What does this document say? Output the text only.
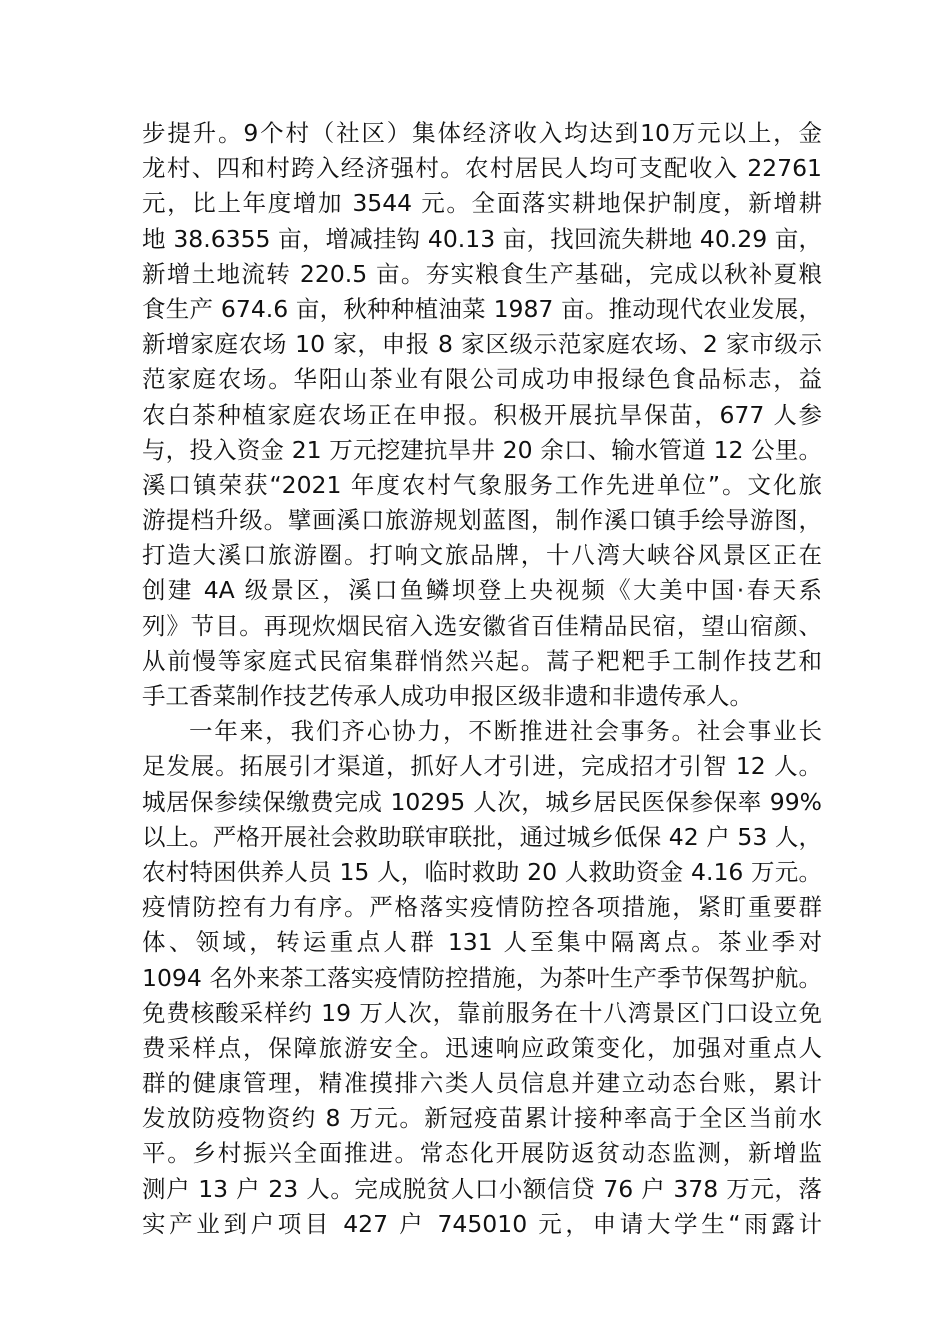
步提升。9个村（社区）集体经济收入均达到10万元以上，金
龙村、四和村跨入经济强村。农村居民人均可支配收入 22761
元，比上年度增加 3544 元。全面落实耕地保护制度，新增耕
地 38.6355 亩，增减挂钩 40.13 亩，找回流失耕地 40.29 亩，
新增土地流转 220.5 亩。夯实粮食生产基础，完成以秋补夏粮
食生产 674.6 亩，秋种种植油菜 1987 亩。推动现代农业发展，
新增家庭农场 10 家，申报 8 家区级示范家庭农场、2 家市级示
范家庭农场。华阳山茶业有限公司成功申报绿色食品标志，益
农白茶种植家庭农场正在申报。积极开展抗旱保苗，677 人参
与，投入资金 21 万元挖建抗旱井 20 余口、输水管道 12 公里。
溪口镇荣获“2021 年度农村气象服务工作先进单位”。文化旅
游提档升级。擘画溪口旅游规划蓝图，制作溪口镇手绘导游图，
打造大溪口旅游圈。打响文旅品牌，十八湾大峡谷风景区正在
创建 4A 级景区，溪口鱼鳞坝登上央视频《大美中国·春天系
列》节目。再现炊烟民宿入选安徽省百佳精品民宿，望山宿颜、
从前慢等家庭式民宿集群悄然兴起。蒿子粑粑手工制作技艺和
手工香菜制作技艺传承人成功申报区级非遗和非遗传承人。
一年来，我们齐心协力，不断推进社会事务。社会事业长
足发展。拓展引才渠道，抓好人才引进，完成招才引智 12 人。
城居保参续保缴费完成 10295 人次，城乡居民医保参保率 99%
以上。严格开展社会救助联审联批，通过城乡低保 42 户 53 人，
农村特困供养人员 15 人，临时救助 20 人救助资金 4.16 万元。
疫情防控有力有序。严格落实疫情防控各项措施，紧盯重要群
体、领域，转运重点人群 131 人至集中隔离点。茶业季对
1094 名外来茶工落实疫情防控措施，为茶叶生产季节保驾护航。
免费核酸采样约 19 万人次，靠前服务在十八湾景区门口设立免
费采样点，保障旅游安全。迅速响应政策变化，加强对重点人
群的健康管理，精准摸排六类人员信息并建立动态台账，累计
发放防疫物资约 8 万元。新冠疫苗累计接种率高于全区当前水
平。乡村振兴全面推进。常态化开展防返贫动态监测，新增监
测户 13 户 23 人。完成脱贫人口小额信贷 76 户 378 万元，落
实产业到户项目 427 户 745010 元，申请大学生“雨露计
